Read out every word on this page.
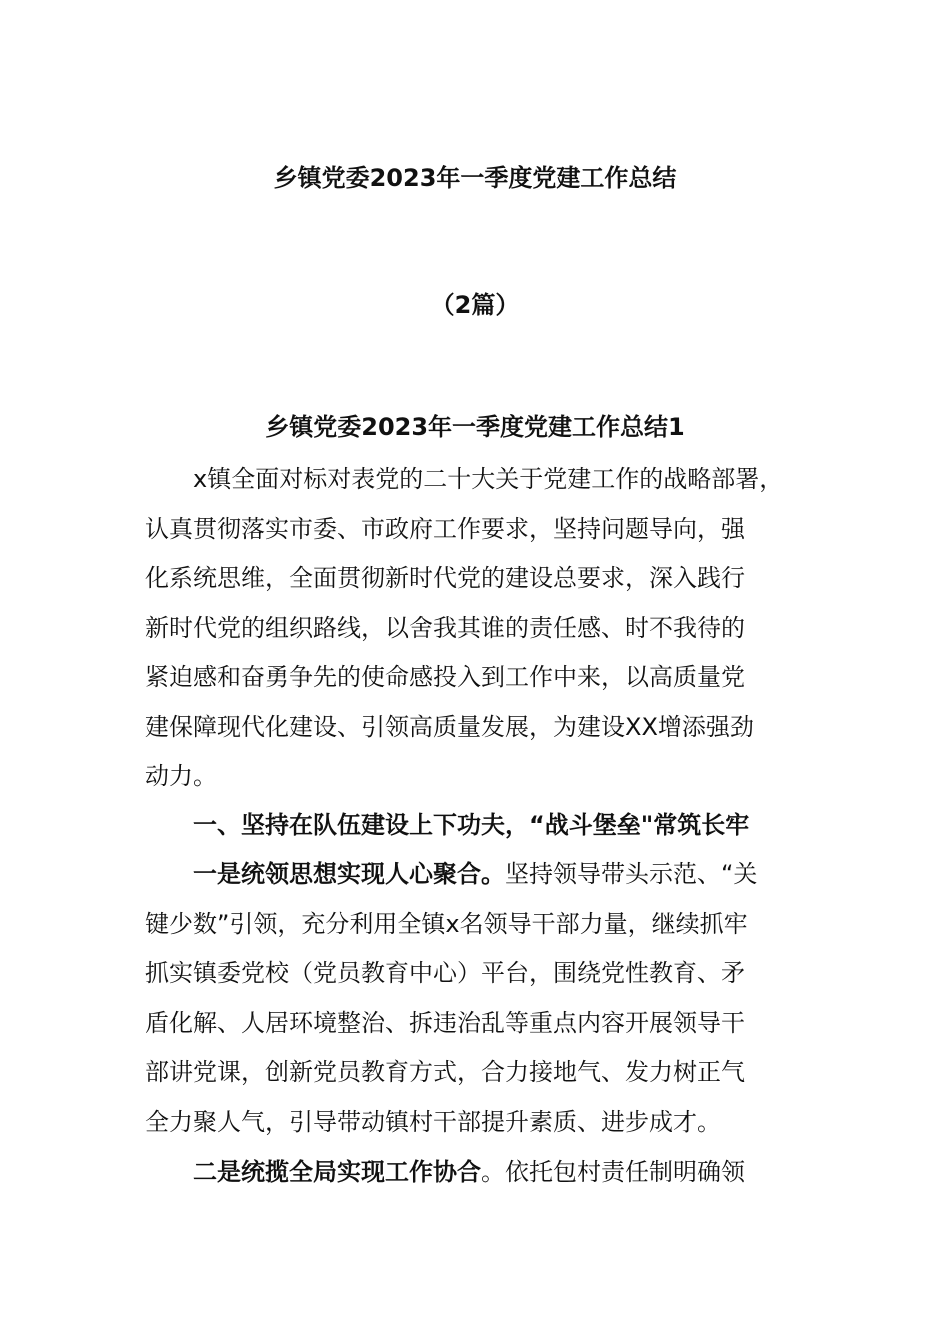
乡镇党委2023年一季度党建工作总结
（2篇）
乡镇党委2023年一季度党建工作总结1
x镇全面对标对表党的二十大关于党建工作的战略部署，
认真贯彻落实市委、市政府工作要求，坚持问题导向，强
化系统思维，全面贯彻新时代党的建设总要求，深入践行
新时代党的组织路线，以舍我其谁的责任感、时不我待的
紧迫感和奋勇争先的使命感投入到工作中来，以高质量党
建保障现代化建设、引领高质量发展，为建设XX增添强劲
动力。
一、坚持在队伍建设上下功夫，“战斗堡垒"常筑长牢
一是统领思想实现人心聚合。坚持领导带头示范、“关
键少数”引领，充分利用全镇x名领导干部力量，继续抓牢
抓实镇委党校（党员教育中心）平台，围绕党性教育、矛
盾化解、人居环境整治、拆违治乱等重点内容开展领导干
部讲党课，创新党员教育方式，合力接地气、发力树正气
全力聚人气，引导带动镇村干部提升素质、进步成才。
二是统揽全局实现工作协合。依托包村责任制明确领
